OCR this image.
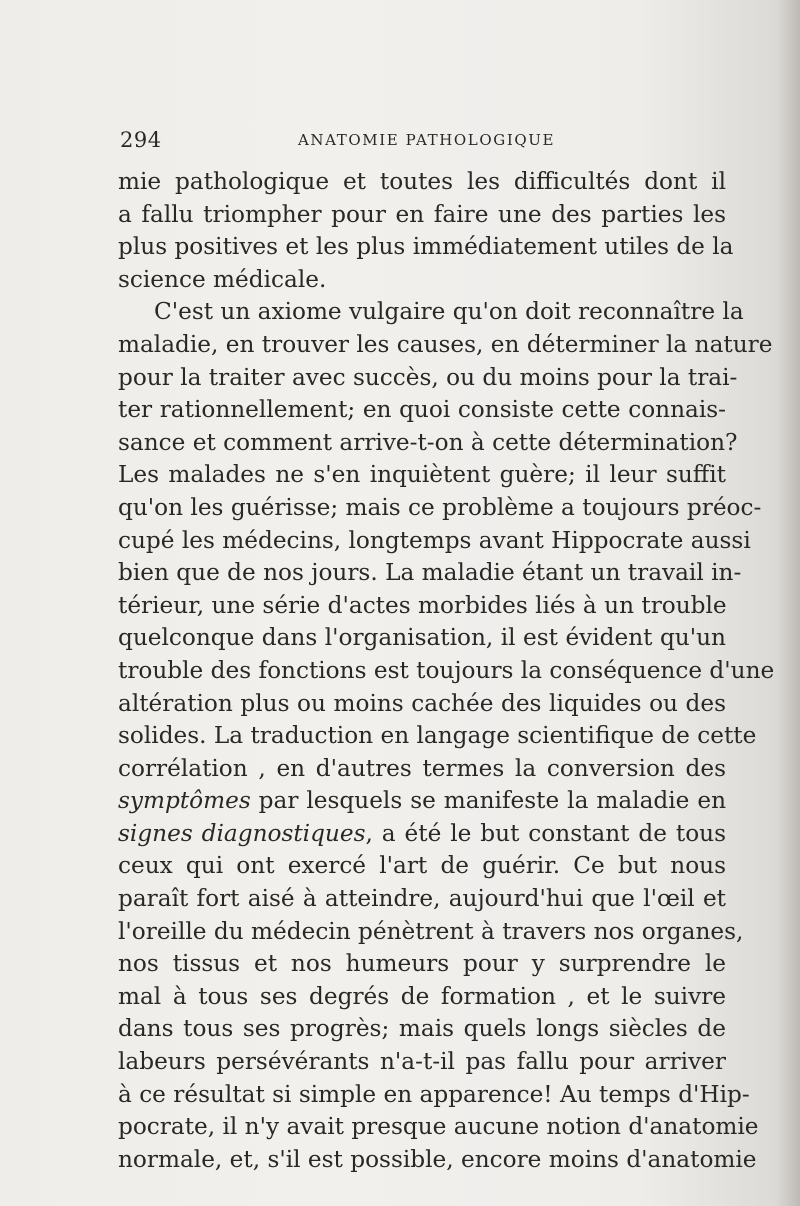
294	ANATOMIE PATHOLOGIQUE
mie pathologique et toutes les difficultés dont il
a fallu triompher pour en faire une des parties les
plus positives et les plus immédiatement utiles de la
science médicale.
C'est un axiome vulgaire qu'on doit reconnaître la
maladie, en trouver les causes, en déterminer la nature
pour la traiter avec succès, ou du moins pour la trai-
ter rationnellement; en quoi consiste cette connais-
sance et comment arrive-t-on à cette détermination?
Les malades ne s'en inquiètent guère; il leur suffit
qu'on les guérisse; mais ce problème a toujours préoc-
cupé les médecins, longtemps avant Hippocrate aussi
bien que de nos jours. La maladie étant un travail in-
térieur, une série d'actes morbides liés à un trouble
quelconque dans l'organisation, il est évident qu'un
trouble des fonctions est toujours la conséquence d'une
altération plus ou moins cachée des liquides ou des
solides. La traduction en langage scientifique de cette
corrélation , en d'autres termes la conversion des
symptômes par lesquels se manifeste la maladie en
signes diagnostiques, a été le but constant de tous
ceux qui ont exercé l'art de guérir. Ce but nous
paraît fort aisé à atteindre, aujourd'hui que l'œil et
l'oreille du médecin pénètrent à travers nos organes,
nos tissus et nos humeurs pour y surprendre le
mal à tous ses degrés de formation , et le suivre
dans tous ses progrès; mais quels longs siècles de
labeurs persévérants n'a-t-il pas fallu pour arriver
à ce résultat si simple en apparence! Au temps d'Hip-
pocrate, il n'y avait presque aucune notion d'anatomie
normale, et, s'il est possible, encore moins d'anatomie
